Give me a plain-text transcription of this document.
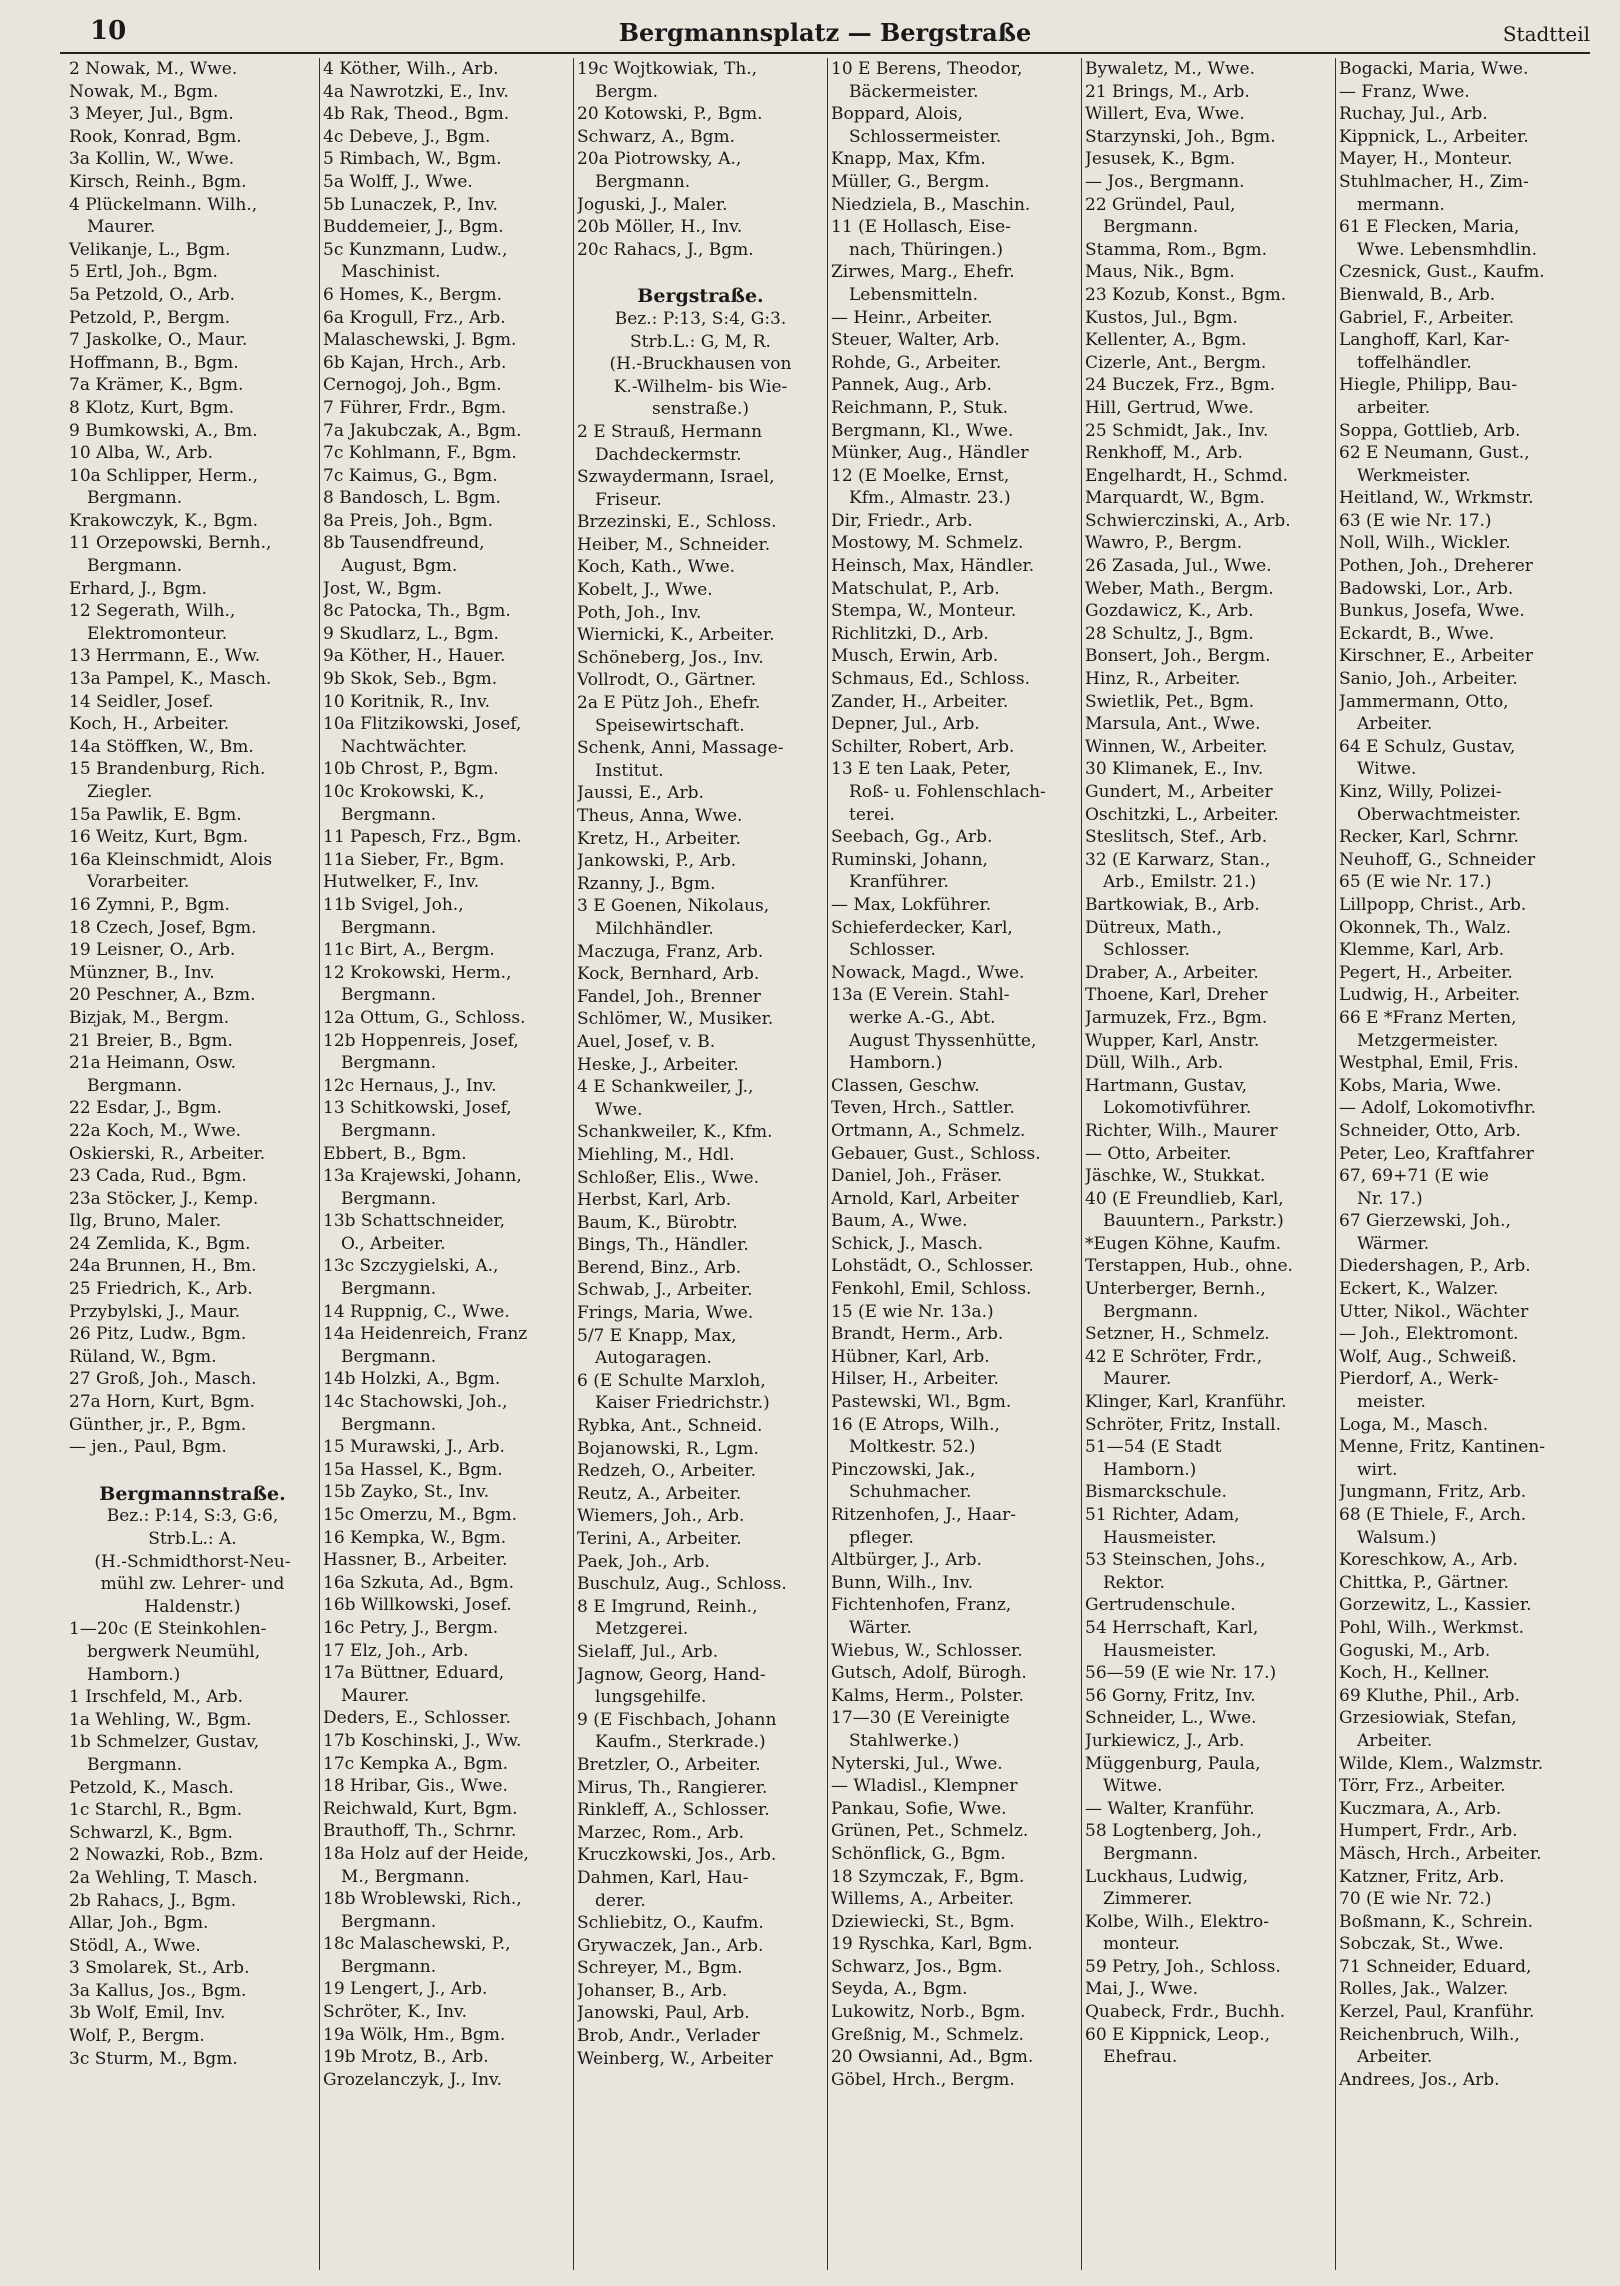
10	Bergmannsplatz — Bergstraße	Stadtteil
2 Nowak, M., Wwe.
Nowak, M., Bgm.
3 Meyer, Jul., Bgm.
Rook, Konrad, Bgm.
3a Kollin, W., Wwe.
Kirsch, Reinh., Bgm.
4 Plückelmann. Wilh.,
Maurer.
Velikanje, L., Bgm.
5 Ertl, Joh., Bgm.
5a Petzold, O., Arb.
Petzold, P., Bergm.
7 Jaskolke, O., Maur.
Hoffmann, B., Bgm.
7a Krämer, K., Bgm.
8 Klotz, Kurt, Bgm.
9 Bumkowski, A., Bm.
10 Alba, W., Arb.
10a Schlipper, Herm.,
Bergmann.
Krakowczyk, K., Bgm.
11 Orzepowski, Bernh.,
Bergmann.
Erhard, J., Bgm.
12 Segerath, Wilh.,
Elektromonteur.
13 Herrmann, E., Ww.
13a Pampel, K., Masch.
14 Seidler, Josef.
Koch, H., Arbeiter.
14a Stöffken, W., Bm.
15 Brandenburg, Rich.
Ziegler.
15a Pawlik, E. Bgm.
16 Weitz, Kurt, Bgm.
16a Kleinschmidt, Alois
Vorarbeiter.
16 Zymni, P., Bgm.
18 Czech, Josef, Bgm.
19 Leisner, O., Arb.
Münzner, B., Inv.
20 Peschner, A., Bzm.
Bizjak, M., Bergm.
21 Breier, B., Bgm.
21a Heimann, Osw.
Bergmann.
22 Esdar, J., Bgm.
22a Koch, M., Wwe.
Oskierski, R., Arbeiter.
23 Cada, Rud., Bgm.
23a Stöcker, J., Kemp.
Ilg, Bruno, Maler.
24 Zemlida, K., Bgm.
24a Brunnen, H., Bm.
25 Friedrich, K., Arb.
Przybylski, J., Maur.
26 Pitz, Ludw., Bgm.
Rüland, W., Bgm.
27 Groß, Joh., Masch.
27a Horn, Kurt, Bgm.
Günther, jr., P., Bgm.
— jen., Paul, Bgm.
Bergmannstraße.
Bez.: P:14, S:3, G:6,
Strb.L.: A.
(H.-Schmidthorst-Neu-
mühl zw. Lehrer- und
Haldenstr.)
1—20c (E Steinkohlen-
bergwerk Neumühl,
Hamborn.)
1 Irschfeld, M., Arb.
1a Wehling, W., Bgm.
1b Schmelzer, Gustav,
Bergmann.
Petzold, K., Masch.
1c Starchl, R., Bgm.
Schwarzl, K., Bgm.
2 Nowazki, Rob., Bzm.
2a Wehling, T. Masch.
2b Rahacs, J., Bgm.
Allar, Joh., Bgm.
Stödl, A., Wwe.
3 Smolarek, St., Arb.
3a Kallus, Jos., Bgm.
3b Wolf, Emil, Inv.
Wolf, P., Bergm.
3c Sturm, M., Bgm.
4 Köther, Wilh., Arb.
4a Nawrotzki, E., Inv.
4b Rak, Theod., Bgm.
4c Debeve, J., Bgm.
5 Rimbach, W., Bgm.
5a Wolff, J., Wwe.
5b Lunaczek, P., Inv.
Buddemeier, J., Bgm.
5c Kunzmann, Ludw.,
Maschinist.
6 Homes, K., Bergm.
6a Krogull, Frz., Arb.
Malaschewski, J. Bgm.
6b Kajan, Hrch., Arb.
Cernogoj, Joh., Bgm.
7 Führer, Frdr., Bgm.
7a Jakubczak, A., Bgm.
7c Kohlmann, F., Bgm.
7c Kaimus, G., Bgm.
8 Bandosch, L. Bgm.
8a Preis, Joh., Bgm.
8b Tausendfreund,
August, Bgm.
Jost, W., Bgm.
8c Patocka, Th., Bgm.
9 Skudlarz, L., Bgm.
9a Köther, H., Hauer.
9b Skok, Seb., Bgm.
10 Koritnik, R., Inv.
10a Flitzikowski, Josef,
Nachtwächter.
10b Chrost, P., Bgm.
10c Krokowski, K.,
Bergmann.
11 Papesch, Frz., Bgm.
11a Sieber, Fr., Bgm.
Hutwelker, F., Inv.
11b Svigel, Joh.,
Bergmann.
11c Birt, A., Bergm.
12 Krokowski, Herm.,
Bergmann.
12a Ottum, G., Schloss.
12b Hoppenreis, Josef,
Bergmann.
12c Hernaus, J., Inv.
13 Schitkowski, Josef,
Bergmann.
Ebbert, B., Bgm.
13a Krajewski, Johann,
Bergmann.
13b Schattschneider,
O., Arbeiter.
13c Szczygielski, A.,
Bergmann.
14 Ruppnig, C., Wwe.
14a Heidenreich, Franz
Bergmann.
14b Holzki, A., Bgm.
14c Stachowski, Joh.,
Bergmann.
15 Murawski, J., Arb.
15a Hassel, K., Bgm.
15b Zayko, St., Inv.
15c Omerzu, M., Bgm.
16 Kempka, W., Bgm.
Hassner, B., Arbeiter.
16a Szkuta, Ad., Bgm.
16b Willkowski, Josef.
16c Petry, J., Bergm.
17 Elz, Joh., Arb.
17a Büttner, Eduard,
Maurer.
Deders, E., Schlosser.
17b Koschinski, J., Ww.
17c Kempka A., Bgm.
18 Hribar, Gis., Wwe.
Reichwald, Kurt, Bgm.
Brauthoff, Th., Schrnr.
18a Holz auf der Heide,
M., Bergmann.
18b Wroblewski, Rich.,
Bergmann.
18c Malaschewski, P.,
Bergmann.
19 Lengert, J., Arb.
Schröter, K., Inv.
19a Wölk, Hm., Bgm.
19b Mrotz, B., Arb.
Grozelanczyk, J., Inv.
19c Wojtkowiak, Th.,
Bergm.
20 Kotowski, P., Bgm.
Schwarz, A., Bgm.
20a Piotrowsky, A.,
Bergmann.
Joguski, J., Maler.
20b Möller, H., Inv.
20c Rahacs, J., Bgm.
Bergstraße.
Bez.: P:13, S:4, G:3.
Strb.L.: G, M, R.
(H.-Bruckhausen von
K.-Wilhelm- bis Wie-
senstraße.)
2 E Strauß, Hermann
Dachdeckermstr.
Szwaydermann, Israel,
Friseur.
Brzezinski, E., Schloss.
Heiber, M., Schneider.
Koch, Kath., Wwe.
Kobelt, J., Wwe.
Poth, Joh., Inv.
Wiernicki, K., Arbeiter.
Schöneberg, Jos., Inv.
Vollrodt, O., Gärtner.
2a E Pütz Joh., Ehefr.
Speisewirtschaft.
Schenk, Anni, Massage-
Institut.
Jaussi, E., Arb.
Theus, Anna, Wwe.
Kretz, H., Arbeiter.
Jankowski, P., Arb.
Rzanny, J., Bgm.
3 E Goenen, Nikolaus,
Milchhändler.
Maczuga, Franz, Arb.
Kock, Bernhard, Arb.
Fandel, Joh., Brenner
Schlömer, W., Musiker.
Auel, Josef, v. B.
Heske, J., Arbeiter.
4 E Schankweiler, J.,
Wwe.
Schankweiler, K., Kfm.
Miehling, M., Hdl.
Schloßer, Elis., Wwe.
Herbst, Karl, Arb.
Baum, K., Bürobtr.
Bings, Th., Händler.
Berend, Binz., Arb.
Schwab, J., Arbeiter.
Frings, Maria, Wwe.
5/7 E Knapp, Max,
Autogaragen.
6 (E Schulte Marxloh,
Kaiser Friedrichstr.)
Rybka, Ant., Schneid.
Bojanowski, R., Lgm.
Redzeh, O., Arbeiter.
Reutz, A., Arbeiter.
Wiemers, Joh., Arb.
Terini, A., Arbeiter.
Paek, Joh., Arb.
Buschulz, Aug., Schloss.
8 E Imgrund, Reinh.,
Metzgerei.
Sielaff, Jul., Arb.
Jagnow, Georg, Hand-
lungsgehilfe.
9 (E Fischbach, Johann
Kaufm., Sterkrade.)
Bretzler, O., Arbeiter.
Mirus, Th., Rangierer.
Rinkleff, A., Schlosser.
Marzec, Rom., Arb.
Kruczkowski, Jos., Arb.
Dahmen, Karl, Hau-
derer.
Schliebitz, O., Kaufm.
Grywaczek, Jan., Arb.
Schreyer, M., Bgm.
Johanser, B., Arb.
Janowski, Paul, Arb.
Brob, Andr., Verlader
Weinberg, W., Arbeiter
10 E Berens, Theodor,
Bäckermeister.
Boppard, Alois,
Schlossermeister.
Knapp, Max, Kfm.
Müller, G., Bergm.
Niedziela, B., Maschin.
11 (E Hollasch, Eise-
nach, Thüringen.)
Zirwes, Marg., Ehefr.
Lebensmitteln.
— Heinr., Arbeiter.
Steuer, Walter, Arb.
Rohde, G., Arbeiter.
Pannek, Aug., Arb.
Reichmann, P., Stuk.
Bergmann, Kl., Wwe.
Münker, Aug., Händler
12 (E Moelke, Ernst,
Kfm., Almastr. 23.)
Dir, Friedr., Arb.
Mostowy, M. Schmelz.
Heinsch, Max, Händler.
Matschulat, P., Arb.
Stempa, W., Monteur.
Richlitzki, D., Arb.
Musch, Erwin, Arb.
Schmaus, Ed., Schloss.
Zander, H., Arbeiter.
Depner, Jul., Arb.
Schilter, Robert, Arb.
13 E ten Laak, Peter,
Roß- u. Fohlenschlach-
terei.
Seebach, Gg., Arb.
Ruminski, Johann,
Kranführer.
— Max, Lokführer.
Schieferdecker, Karl,
Schlosser.
Nowack, Magd., Wwe.
13a (E Verein. Stahl-
werke A.-G., Abt.
August Thyssenhütte,
Hamborn.)
Classen, Geschw.
Teven, Hrch., Sattler.
Ortmann, A., Schmelz.
Gebauer, Gust., Schloss.
Daniel, Joh., Fräser.
Arnold, Karl, Arbeiter
Baum, A., Wwe.
Schick, J., Masch.
Lohstädt, O., Schlosser.
Fenkohl, Emil, Schloss.
15 (E wie Nr. 13a.)
Brandt, Herm., Arb.
Hübner, Karl, Arb.
Hilser, H., Arbeiter.
Pastewski, Wl., Bgm.
16 (E Atrops, Wilh.,
Moltkestr. 52.)
Pinczowski, Jak.,
Schuhmacher.
Ritzenhofen, J., Haar-
pfleger.
Altbürger, J., Arb.
Bunn, Wilh., Inv.
Fichtenhofen, Franz,
Wärter.
Wiebus, W., Schlosser.
Gutsch, Adolf, Bürogh.
Kalms, Herm., Polster.
17—30 (E Vereinigte
Stahlwerke.)
Nyterski, Jul., Wwe.
— Wladisl., Klempner
Pankau, Sofie, Wwe.
Grünen, Pet., Schmelz.
Schönflick, G., Bgm.
18 Szymczak, F., Bgm.
Willems, A., Arbeiter.
Dziewiecki, St., Bgm.
19 Ryschka, Karl, Bgm.
Schwarz, Jos., Bgm.
Seyda, A., Bgm.
Lukowitz, Norb., Bgm.
Greßnig, M., Schmelz.
20 Owsianni, Ad., Bgm.
Göbel, Hrch., Bergm.
Bywaletz, M., Wwe.
21 Brings, M., Arb.
Willert, Eva, Wwe.
Starzynski, Joh., Bgm.
Jesusek, K., Bgm.
— Jos., Bergmann.
22 Gründel, Paul,
Bergmann.
Stamma, Rom., Bgm.
Maus, Nik., Bgm.
23 Kozub, Konst., Bgm.
Kustos, Jul., Bgm.
Kellenter, A., Bgm.
Cizerle, Ant., Bergm.
24 Buczek, Frz., Bgm.
Hill, Gertrud, Wwe.
25 Schmidt, Jak., Inv.
Renkhoff, M., Arb.
Engelhardt, H., Schmd.
Marquardt, W., Bgm.
Schwierczinski, A., Arb.
Wawro, P., Bergm.
26 Zasada, Jul., Wwe.
Weber, Math., Bergm.
Gozdawicz, K., Arb.
28 Schultz, J., Bgm.
Bonsert, Joh., Bergm.
Hinz, R., Arbeiter.
Swietlik, Pet., Bgm.
Marsula, Ant., Wwe.
Winnen, W., Arbeiter.
30 Klimanek, E., Inv.
Gundert, M., Arbeiter
Oschitzki, L., Arbeiter.
Steslitsch, Stef., Arb.
32 (E Karwarz, Stan.,
Arb., Emilstr. 21.)
Bartkowiak, B., Arb.
Dütreux, Math.,
Schlosser.
Draber, A., Arbeiter.
Thoene, Karl, Dreher
Jarmuzek, Frz., Bgm.
Wupper, Karl, Anstr.
Düll, Wilh., Arb.
Hartmann, Gustav,
Lokomotivführer.
Richter, Wilh., Maurer
— Otto, Arbeiter.
Jäschke, W., Stukkat.
40 (E Freundlieb, Karl,
Bauuntern., Parkstr.)
*Eugen Köhne, Kaufm.
Terstappen, Hub., ohne.
Unterberger, Bernh.,
Bergmann.
Setzner, H., Schmelz.
42 E Schröter, Frdr.,
Maurer.
Klinger, Karl, Kranführ.
Schröter, Fritz, Install.
51—54 (E Stadt
Hamborn.)
Bismarckschule.
51 Richter, Adam,
Hausmeister.
53 Steinschen, Johs.,
Rektor.
Gertrudenschule.
54 Herrschaft, Karl,
Hausmeister.
56—59 (E wie Nr. 17.)
56 Gorny, Fritz, Inv.
Schneider, L., Wwe.
Jurkiewicz, J., Arb.
Müggenburg, Paula,
Witwe.
— Walter, Kranführ.
58 Logtenberg, Joh.,
Bergmann.
Luckhaus, Ludwig,
Zimmerer.
Kolbe, Wilh., Elektro-
monteur.
59 Petry, Joh., Schloss.
Mai, J., Wwe.
Quabeck, Frdr., Buchh.
60 E Kippnick, Leop.,
Ehefrau.
Bogacki, Maria, Wwe.
— Franz, Wwe.
Ruchay, Jul., Arb.
Kippnick, L., Arbeiter.
Mayer, H., Monteur.
Stuhlmacher, H., Zim-
mermann.
61 E Flecken, Maria,
Wwe. Lebensmhdlin.
Czesnick, Gust., Kaufm.
Bienwald, B., Arb.
Gabriel, F., Arbeiter.
Langhoff, Karl, Kar-
toffelhändler.
Hiegle, Philipp, Bau-
arbeiter.
Soppa, Gottlieb, Arb.
62 E Neumann, Gust.,
Werkmeister.
Heitland, W., Wrkmstr.
63 (E wie Nr. 17.)
Noll, Wilh., Wickler.
Pothen, Joh., Dreherer
Badowski, Lor., Arb.
Bunkus, Josefa, Wwe.
Eckardt, B., Wwe.
Kirschner, E., Arbeiter
Sanio, Joh., Arbeiter.
Jammermann, Otto,
Arbeiter.
64 E Schulz, Gustav,
Witwe.
Kinz, Willy, Polizei-
Oberwachtmeister.
Recker, Karl, Schrnr.
Neuhoff, G., Schneider
65 (E wie Nr. 17.)
Lillpopp, Christ., Arb.
Okonnek, Th., Walz.
Klemme, Karl, Arb.
Pegert, H., Arbeiter.
Ludwig, H., Arbeiter.
66 E *Franz Merten,
Metzgermeister.
Westphal, Emil, Fris.
Kobs, Maria, Wwe.
— Adolf, Lokomotivfhr.
Schneider, Otto, Arb.
Peter, Leo, Kraftfahrer
67, 69+71 (E wie
Nr. 17.)
67 Gierzewski, Joh.,
Wärmer.
Diedershagen, P., Arb.
Eckert, K., Walzer.
Utter, Nikol., Wächter
— Joh., Elektromont.
Wolf, Aug., Schweiß.
Pierdorf, A., Werk-
meister.
Loga, M., Masch.
Menne, Fritz, Kantinen-
wirt.
Jungmann, Fritz, Arb.
68 (E Thiele, F., Arch.
Walsum.)
Koreschkow, A., Arb.
Chittka, P., Gärtner.
Gorzewitz, L., Kassier.
Pohl, Wilh., Werkmst.
Goguski, M., Arb.
Koch, H., Kellner.
69 Kluthe, Phil., Arb.
Grzesiowiak, Stefan,
Arbeiter.
Wilde, Klem., Walzmstr.
Törr, Frz., Arbeiter.
Kuczmara, A., Arb.
Humpert, Frdr., Arb.
Mäsch, Hrch., Arbeiter.
Katzner, Fritz, Arb.
70 (E wie Nr. 72.)
Boßmann, K., Schrein.
Sobczak, St., Wwe.
71 Schneider, Eduard,
Rolles, Jak., Walzer.
Kerzel, Paul, Kranführ.
Reichenbruch, Wilh.,
Arbeiter.
Andrees, Jos., Arb.
